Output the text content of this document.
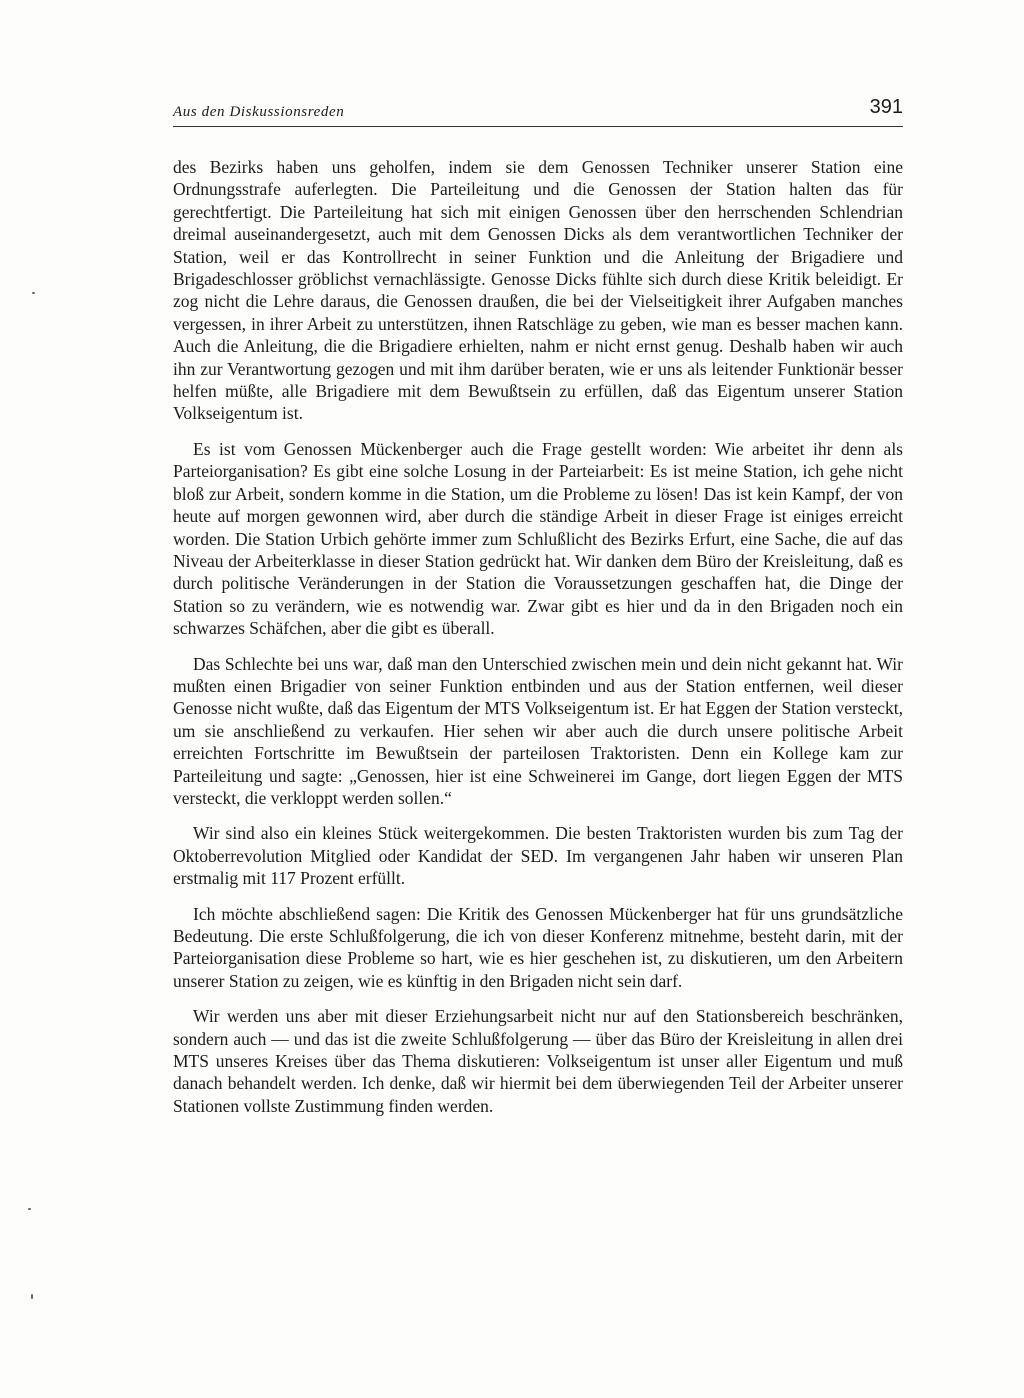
Aus den Diskussionsreden	391

des Bezirks haben uns geholfen, indem sie dem Genossen Techniker unserer Station eine Ordnungsstrafe auferlegten. Die Parteileitung und die Genossen der Station halten das für gerechtfertigt. Die Parteileitung hat sich mit einigen Genossen über den herrschenden Schlendrian dreimal auseinandergesetzt, auch mit dem Genossen Dicks als dem verantwortlichen Techniker der Station, weil er das Kontrollrecht in seiner Funktion und die Anleitung der Brigadiere und Brigadeschlosser gröblichst vernachlässigte. Genosse Dicks fühlte sich durch diese Kritik beleidigt. Er zog nicht die Lehre daraus, die Genossen draußen, die bei der Vielseitigkeit ihrer Aufgaben manches vergessen, in ihrer Arbeit zu unterstützen, ihnen Ratschläge zu geben, wie man es besser machen kann. Auch die Anleitung, die die Brigadiere erhielten, nahm er nicht ernst genug. Deshalb haben wir auch ihn zur Verantwortung gezogen und mit ihm darüber beraten, wie er uns als leitender Funktionär besser helfen müßte, alle Brigadiere mit dem Bewußtsein zu erfüllen, daß das Eigentum unserer Station Volkseigentum ist.

Es ist vom Genossen Mückenberger auch die Frage gestellt worden: Wie arbeitet ihr denn als Parteiorganisation? Es gibt eine solche Losung in der Parteiarbeit: Es ist meine Station, ich gehe nicht bloß zur Arbeit, sondern komme in die Station, um die Probleme zu lösen! Das ist kein Kampf, der von heute auf morgen gewonnen wird, aber durch die ständige Arbeit in dieser Frage ist einiges erreicht worden. Die Station Urbich gehörte immer zum Schlußlicht des Bezirks Erfurt, eine Sache, die auf das Niveau der Arbeiterklasse in dieser Station gedrückt hat. Wir danken dem Büro der Kreisleitung, daß es durch politische Veränderungen in der Station die Voraussetzungen geschaffen hat, die Dinge der Station so zu verändern, wie es notwendig war. Zwar gibt es hier und da in den Brigaden noch ein schwarzes Schäfchen, aber die gibt es überall.

Das Schlechte bei uns war, daß man den Unterschied zwischen mein und dein nicht gekannt hat. Wir mußten einen Brigadier von seiner Funktion entbinden und aus der Station entfernen, weil dieser Genosse nicht wußte, daß das Eigentum der MTS Volkseigentum ist. Er hat Eggen der Station versteckt, um sie anschließend zu verkaufen. Hier sehen wir aber auch die durch unsere politische Arbeit erreichten Fortschritte im Bewußtsein der parteilosen Traktoristen. Denn ein Kollege kam zur Parteileitung und sagte: „Genossen, hier ist eine Schweinerei im Gange, dort liegen Eggen der MTS versteckt, die verkloppt werden sollen.“

Wir sind also ein kleines Stück weitergekommen. Die besten Traktoristen wurden bis zum Tag der Oktoberrevolution Mitglied oder Kandidat der SED. Im vergangenen Jahr haben wir unseren Plan erstmalig mit 117 Prozent erfüllt.

Ich möchte abschließend sagen: Die Kritik des Genossen Mückenberger hat für uns grundsätzliche Bedeutung. Die erste Schlußfolgerung, die ich von dieser Konferenz mitnehme, besteht darin, mit der Parteiorganisation diese Probleme so hart, wie es hier geschehen ist, zu diskutieren, um den Arbeitern unserer Station zu zeigen, wie es künftig in den Brigaden nicht sein darf.

Wir werden uns aber mit dieser Erziehungsarbeit nicht nur auf den Stationsbereich beschränken, sondern auch — und das ist die zweite Schlußfolgerung — über das Büro der Kreisleitung in allen drei MTS unseres Kreises über das Thema diskutieren: Volkseigentum ist unser aller Eigentum und muß danach behandelt werden. Ich denke, daß wir hiermit bei dem überwiegenden Teil der Arbeiter unserer Stationen vollste Zustimmung finden werden.
